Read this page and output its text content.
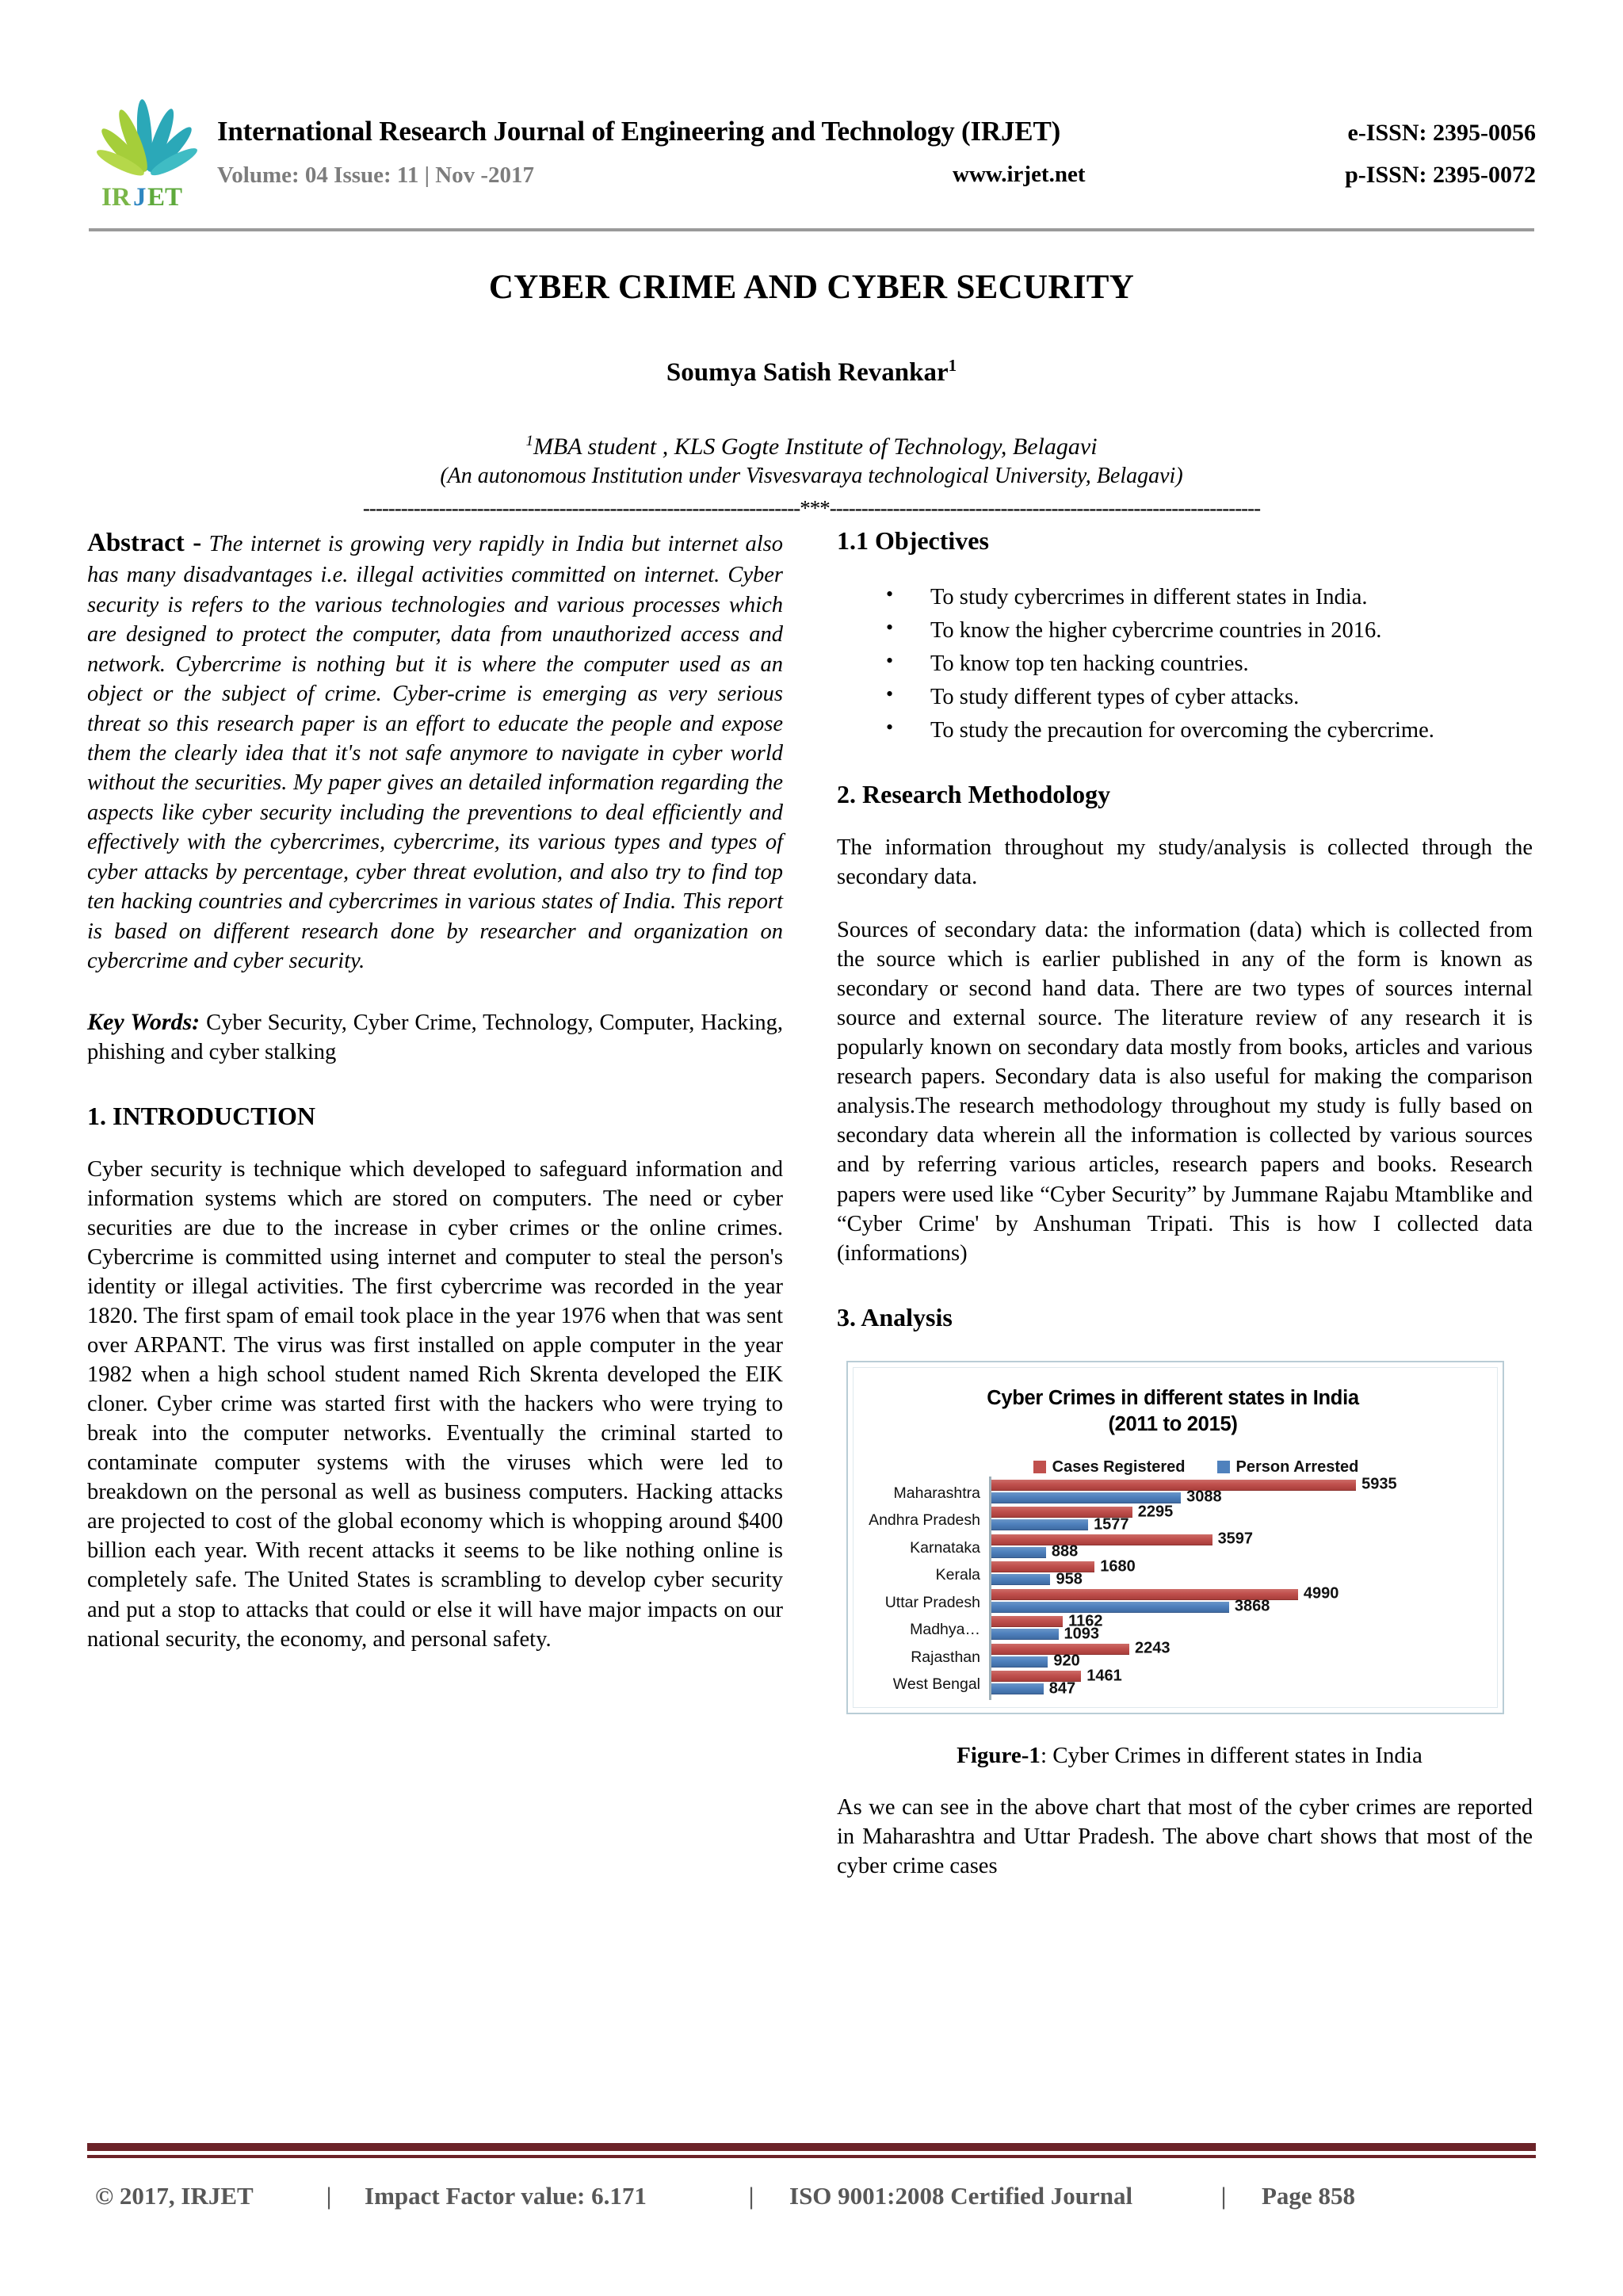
IR J ET
International Research Journal of Engineering and Technology (IRJET)	e-ISSN: 2395-0056
Volume: 04 Issue: 11 | Nov -2017	www.irjet.net	p-ISSN: 2395-0072
CYBER CRIME AND CYBER SECURITY
Soumya Satish Revankar$^1$
$^1$MBA student , KLS Gogte Institute of Technology, Belagavi
(An autonomous Institution under Visvesvaraya technological University, Belagavi)
---------------------------------------------------------------------***--------------------------------------------------------------------

Abstract - The internet is growing very rapidly in India but internet also has many disadvantages i.e. illegal activities committed on internet. Cyber security is refers to the various technologies and various processes which are designed to protect the computer, data from unauthorized access and network. Cybercrime is nothing but it is where the computer used as an object or the subject of crime. Cyber-crime is emerging as very serious threat so this research paper is an effort to educate the people and expose them the clearly idea that it's not safe anymore to navigate in cyber world without the securities. My paper gives an detailed information regarding the aspects like cyber security including the preventions to deal efficiently and effectively with the cybercrimes, cybercrime, its various types and types of cyber attacks by percentage, cyber threat evolution, and also try to find top ten hacking countries and cybercrimes in various states of India. This report is based on different research done by researcher and organization on cybercrime and cyber security.

Key Words: Cyber Security, Cyber Crime, Technology, Computer, Hacking, phishing and cyber stalking

1. INTRODUCTION

Cyber security is technique which developed to safeguard information and information systems which are stored on computers. The need or cyber securities are due to the increase in cyber crimes or the online crimes. Cybercrime is committed using internet and computer to steal the person's identity or illegal activities. The first cybercrime was recorded in the year 1820. The first spam of email took place in the year 1976 when that was sent over ARPANT. The virus was first installed on apple computer in the year 1982 when a high school student named Rich Skrenta developed the EIK cloner. Cyber crime was started first with the hackers who were trying to break into the computer networks. Eventually the criminal started to contaminate computer systems with the viruses which were led to breakdown on the personal as well as business computers. Hacking attacks are projected to cost of the global economy which is whopping around $400 billion each year. With recent attacks it seems to be like nothing online is completely safe. The United States is scrambling to develop cyber security and put a stop to attacks that could or else it will have major impacts on our national security, the economy, and personal safety.

1.1 Objectives
• To study cybercrimes in different states in India.
• To know the higher cybercrime countries in 2016.
• To know top ten hacking countries.
• To study different types of cyber attacks.
• To study the precaution for overcoming the cybercrime.
2. Research Methodology

The information throughout my study/analysis is collected through the secondary data.

Sources of secondary data: the information (data) which is collected from the source which is earlier published in any of the form is known as secondary or second hand data. There are two types of sources internal source and external source. The literature review of any research it is popularly known on secondary data mostly from books, articles and various research papers. Secondary data is also useful for making the comparison analysis.The research methodology throughout my study is fully based on secondary data wherein all the information is collected by various sources and by referring various articles, research papers and books. Research papers were used like “Cyber Security” by Jummane Rajabu Mtamblike and “Cyber Crime' by Anshuman Tripati. This is how I collected data (informations)

3. Analysis
Cyber Crimes in different states in India
(2011 to 2015)
Cases Registered	Person Arrested
Maharashtra	5935
3088
Andhra Pradesh	2295
1577
Karnataka	3597
888
Kerala	1680
958
Uttar Pradesh	4990
3868
Madhya…	1162
1093
Rajasthan	2243
920
West Bengal	1461
847
Figure-1: Cyber Crimes in different states in India

As we can see in the above chart that most of the cyber crimes are reported in Maharashtra and Uttar Pradesh. The above chart shows that most of the cyber crime cases

© 2017, IRJET	|	Impact Factor value: 6.171	|	ISO 9001:2008 Certified Journal	|	Page 858
